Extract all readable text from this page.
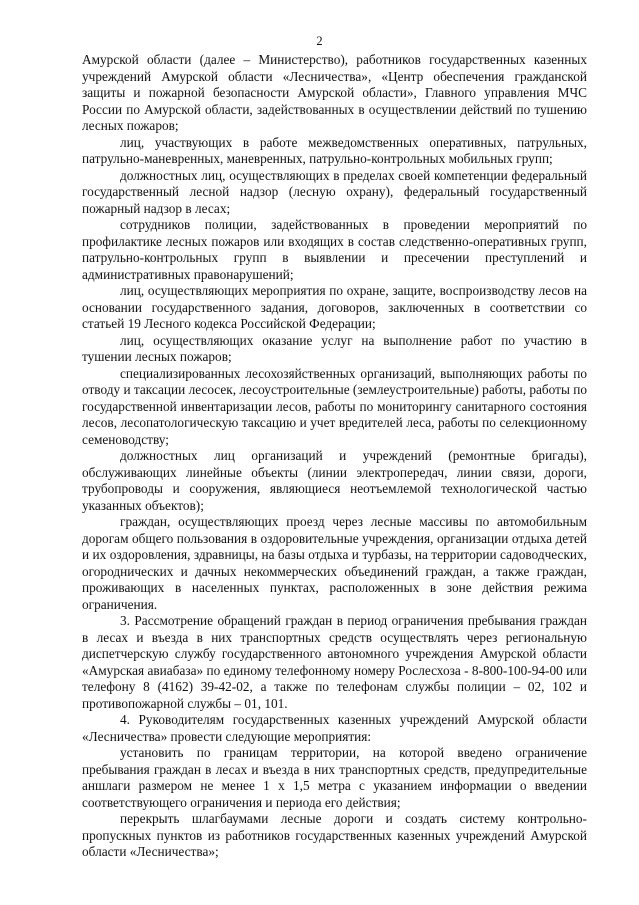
2

Амурской области (далее – Министерство), работников государственных казенных учреждений Амурской области «Лесничества», «Центр обеспечения гражданской защиты и пожарной безопасности Амурской области», Главного управления МЧС России по Амурской области, задействованных в осуществлении действий по тушению лесных пожаров;

лиц, участвующих в работе межведомственных оперативных, патрульных, патрульно-маневренных, маневренных, патрульно-контрольных мобильных групп;

должностных лиц, осуществляющих в пределах своей компетенции федеральный государственный лесной надзор (лесную охрану), федеральный государственный пожарный надзор в лесах;

сотрудников полиции, задействованных в проведении мероприятий по профилактике лесных пожаров или входящих в состав следственно-оперативных групп, патрульно-контрольных групп в выявлении и пресечении преступлений и административных правонарушений;

лиц, осуществляющих мероприятия по охране, защите, воспроизводству лесов на основании государственного задания, договоров, заключенных в соответствии со статьей 19 Лесного кодекса Российской Федерации;

лиц, осуществляющих оказание услуг на выполнение работ по участию в тушении лесных пожаров;

специализированных лесохозяйственных организаций, выполняющих работы по отводу и таксации лесосек, лесоустроительные (землеустроительные) работы, работы по государственной инвентаризации лесов, работы по мониторингу санитарного состояния лесов, лесопатологическую таксацию и учет вредителей леса, работы по селекционному семеноводству;

должностных лиц организаций и учреждений (ремонтные бригады), обслуживающих линейные объекты (линии электропередач, линии связи, дороги, трубопроводы и сооружения, являющиеся неотъемлемой технологической частью указанных объектов);

граждан, осуществляющих проезд через лесные массивы по автомобильным дорогам общего пользования в оздоровительные учреждения, организации отдыха детей и их оздоровления, здравницы, на базы отдыха и турбазы, на территории садоводческих, огороднических и дачных некоммерческих объединений граждан, а также граждан, проживающих в населенных пунктах, расположенных в зоне действия режима ограничения.

3. Рассмотрение обращений граждан в период ограничения пребывания граждан в лесах и въезда в них транспортных средств осуществлять через региональную диспетчерскую службу государственного автономного учреждения Амурской области «Амурская авиабаза» по единому телефонному номеру Рослесхоза - 8-800-100-94-00 или телефону 8 (4162) 39-42-02, а также по телефонам службы полиции – 02, 102 и противопожарной службы – 01, 101.

4. Руководителям государственных казенных учреждений Амурской области «Лесничества» провести следующие мероприятия:

установить по границам территории, на которой введено ограничение пребывания граждан в лесах и въезда в них транспортных средств, предупредительные аншлаги размером не менее 1 х 1,5 метра с указанием информации о введении соответствующего ограничения и периода его действия;

перекрыть шлагбаумами лесные дороги и создать систему контрольно-пропускных пунктов из работников государственных казенных учреждений Амурской области «Лесничества»;
